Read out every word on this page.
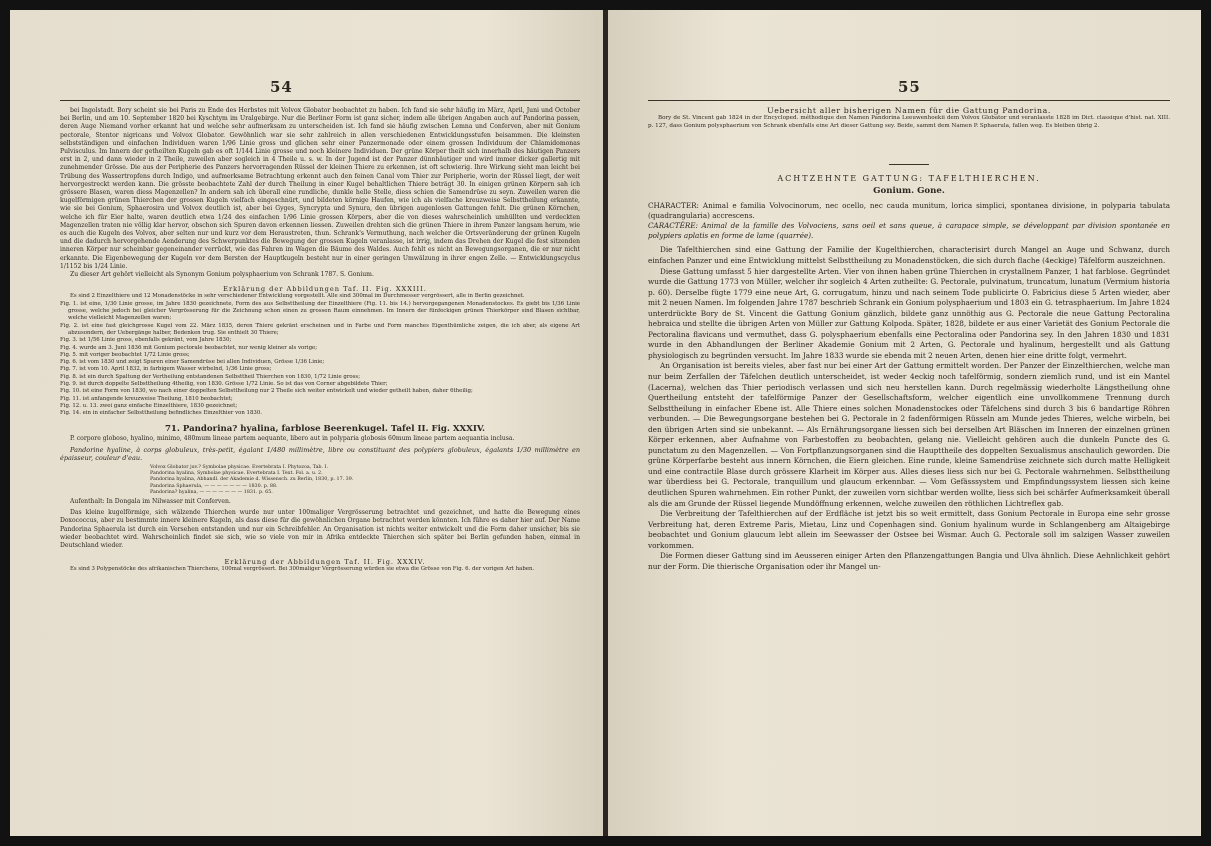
54

bei Ingolstadt. Bory scheint sie bei Paris zu Ende des Herbstes mit Volvox Globator beobachtet zu haben. Ich fand sie sehr häufig im März, April, Juni und October bei Berlin, und am 10. September 1820 bei Kyschtym im Uralgebirge. Nur die Berliner Form ist ganz sicher, indem alle übrigen Angaben auch auf Pandorina passen, deren Auge Niemand vorher erkannt hat und welche sehr aufmerksam zu unterscheiden ist. Ich fand sie häufig zwischen Lemna und Conferven, aber mit Gonium pectorale, Stentor nigricans und Volvox Globator. Gewöhnlich war sie sehr zahlreich in allen verschiedenen Entwicklungsstufen beisammen. Die kleinsten selbstständigen und einfachen Individuen waren 1/96 Linie gross und glichen sehr einer Panzermonade oder einem grossen Individuum der Chlamidomonas Pulvisculus. Im Innern der getheilten Kugeln gab es oft 1/144 Linie grosse und noch kleinere Individuen. Der grüne Körper theilt sich innerhalb des häutigen Panzers erst in 2, und dann wieder in 2 Theile, zuweilen aber sogleich in 4 Theile u. s. w. In der Jugend ist der Panzer dünnhäutiger und wird immer dicker gallertig mit zunehmender Grösse. Die aus der Peripherie des Panzers hervorragenden Rüssel der kleinen Thiere zu erkennen, ist oft schwierig. Ihre Wirkung sieht man leicht bei Trübung des Wassertropfens durch Indigo, und aufmerksame Betrachtung erkennt auch den feinen Canal vom Thier zur Peripherie, worin der Rüssel liegt, der weit hervorgestreckt werden kann. Die grösste beobachtete Zahl der durch Theilung in einer Kugel behaltlichen Thiere beträgt 30. In einigen grünen Körpern sah ich grössere Blasen, waren diess Magenzellen? In andern sah ich überall eine rundliche, dunkle helle Stelle, diess schien die Samendrüse zu seyn. Zuweilen waren die kugelförmigen grünen Thierchen der grossen Kugeln vielfach eingeschnürt, und bildeten körnige Haufen, wie ich als vielfache kreuzweise Selbsttheilung erkannte, wie sie bei Gonium, Sphaerosira und Volvox deutlich ist, aber bei Gyges, Syncrypta und Synura, den übrigen augenlosen Gattungen fehlt. Die grünen Körnchen, welche ich für Eier halte, waren deutlich etwa 1/24 des einfachen 1/96 Linie grossen Körpers, aber die von dieses wahrscheinlich umhüllten und verdeckten Magenzellen traten nie völlig klar hervor, obschon sich Spuren davon erkennen liessen. Zuweilen drehten sich die grünen Thiere in ihrem Panzer langsam herum, wie es auch die Kugeln des Volvox, aber selten nur und kurz vor dem Heraustreten, thun. Schrank's Vermuthung, nach welcher die Ortsveränderung der grünen Kugeln und die dadurch hervorgehende Aenderung des Schwerpunktes die Bewegung der grossen Kugeln veranlasse, ist irrig, indem das Drehen der Kugel die fest sitzenden inneren Körper nur scheinbar gegeneinander verrückt, wie das Fahren im Wagen die Bäume des Waldes. Auch fehlt es nicht an Bewegungsorganen, die er nur nicht erkannte. Die Eigenbewegung der Kugeln vor dem Bersten der Hauptkugeln besteht nur in einer geringen Umwälzung in ihrer engen Zelle. — Entwicklungscyclus 1/1152 bis 1/24 Linie.

Zu dieser Art gehört vielleicht als Synonym Gonium polysphaerium von Schrank 1787. S. Gonium.

Erklärung der Abbildungen Taf. II. Fig. XXXIII.

Es sind 2 Einzelthiere und 12 Monadenstöcke in sehr verschiedener Entwicklung vorgestellt. Alle sind 300mal im Durchmesser vergrössert, alle in Berlin gezeichnet.

Fig. 1. ist eine, 1/30 Linie grosse, im Jahre 1830 gezeichnete, Form des aus Selbsttheilung der Einzelthiere (Fig. 11. bis 14.) hervorgegangenen Monadenstockes. Es giebt bis 1/36 Linie grosse, welche jedoch bei gleicher Vergrösserung für die Zeichnung schon einen zu grossen Raum einnehmen. Im Innern der fünfeckigen grünen Thierkörper sind Blasen sichtbar, welche vielleicht Magenzellen waren;

Fig. 2. ist eine fast gleichgrosse Kugel vom 22. März 1835, deren Thiere gekränt erscheinen und in Farbe und Form manches Eigenthümliche zeigen, die ich aber, als eigene Art abzusondern, der Uebergänge halber, Bedenken trug. Sie enthielt 30 Thiere;

Fig. 3. ist 1/56 Linie gross, ebenfalls gekränt, vom Jahre 1830;

Fig. 4. wurde am 3. Juni 1836 mit Gonium pectorale beobachtet, nur wenig kleiner als vorige;

Fig. 5. mit voriger beobachtet 1/72 Linie gross;

Fig. 6. ist vom 1830 und zeigt Spuren einer Samendrüse bei allen Individuen, Grösse 1/36 Linie;

Fig. 7. ist vom 10. April 1832, in farbigem Wasser wirbelnd, 1/36 Linie gross;

Fig. 8. ist ein durch Spaltung der Vertheilung entstandenen Selbsttheil Thierchen von 1830, 1/72 Linie gross;

Fig. 9. ist durch doppelte Selbsttheilung 4theilig, von 1830. Grösse 1/72 Linie. So ist das von Corner abgebildete Thier;

Fig. 10. ist eine Form von 1830, wo nach einer doppelten Selbsttheilung nur 2 Theile sich weiter entwickelt und wieder getheilt haben, daher 6theilig;

Fig. 11. ist anfangende kreuzweise Theilung, 1810 beobachtet;

Fig. 12. u. 13. zwei ganz einfache Einzelthiere, 1830 gezeichnet;

Fig. 14. ein in einfacher Selbsttheilung befindliches Einzelthier von 1830.

71. Pandorina? hyalina, farblose Beerenkugel. Tafel II. Fig. XXXIV.

P. corpore globoso, hyalino, minimo, 480mum lineae partem aequante, libero aut in polyparia globosis 60mum lineae partem aequantia inclusa.

Pandorine hyaline, à corps globuleux, très-petit, égalant 1/480 millimètre, libre ou constituant des polypiers globuleux, égalants 1/30 millimètre en épaisseur, couleur d'eau.

Volvox Globator juv.? Symbolae physicae. Evertebrata I. Phytozoa, Tab. I.

Pandorina hyalina, Symbolae physicae. Evertebrata I. Text. Fol. a. u. 2.

Pandorina hyalina, Abhandl. der Akademie d. Wissensch. zu Berlin, 1830, p. 17. 39.

Pandorina Sphaerula, — — — — — — — 1830. p. 88.

Pandorina? hyalina, — — — — — — — 1831. p. 65.

Aufenthalt: In Dongala im Nilwasser mit Conferven.

Das kleine kugelförmige, sich wälzende Thierchen wurde nur unter 100maliger Vergrösserung betrachtet und gezeichnet, und hatte die Bewegung eines Doxococcus, aber zu bestimmte innere kleinere Kugeln, als dass diese für die gewöhnlichen Organe betrachtet werden könnten. Ich führe es daher hier auf. Der Name Pandorina Sphaerula ist durch ein Versehen entstanden und nur ein Schreibfehler. An Organisation ist nichts weiter entwickelt und die Form daher unsicher, bis sie wieder beobachtet wird. Wahrscheinlich findet sie sich, wie so viele von mir in Afrika entdeckte Thierchen sich später bei Berlin gefunden haben, einmal in Deutschland wieder.

Erklärung der Abbildungen Taf. II. Fig. XXXIV.

Es sind 3 Polypenstöcke des afrikanischen Thierchens, 100mal vergrössert. Bei 300maliger Vergrösserung würden sie etwa die Grösse von Fig. 6. der vorigen Art haben.

55

Uebersicht aller bisherigen Namen für die Gattung Pandorina.

Bory de St. Vincent gab 1824 in der Encycloped. méthodique den Namen Pandorina Leeuwenhoekii dem Volvox Globator und veranlasste 1828 im Dict. classique d'hist. nat. XIII. p. 127, dass Gonium polysphaerium von Schrank ebenfalls eine Art dieser Gattung sey. Beide, sammt dem Namen P. Sphaerula, fallen weg. Es bleiben übrig 2.

ACHTZEHNTE GATTUNG: TAFELTHIERCHEN.

Gonium. Gone.

CHARACTER: Animal e familia Volvocinorum, nec ocello, nec cauda munitum, lorica simplici, spontanea divisione, in polyparia tabulata (quadrangularia) accrescens.

CARACTÈRE: Animal de la famille des Volvociens, sans oeil et sans queue, à carapace simple, se développant par division spontanée en polypiers aplatis en forme de lame (quarrée).

Die Tafelthierchen sind eine Gattung der Familie der Kugelthierchen, characterisirt durch Mangel an Auge und Schwanz, durch einfachen Panzer und eine Entwicklung mittelst Selbsttheilung zu Monadenstöcken, die sich durch flache (4eckige) Täfelform auszeichnen.

Diese Gattung umfasst 5 hier dargestellte Arten. Vier von ihnen haben grüne Thierchen in crystallnem Panzer, 1 hat farblose. Gegründet wurde die Gattung 1773 von Müller, welcher ihr sogleich 4 Arten zutheilte: G. Pectorale, pulvinatum, truncatum, lunatum (Vermium historia p. 60). Derselbe fügte 1779 eine neue Art, G. corrugatum, hinzu und nach seinem Tode publicirte O. Fabricius diese 5 Arten wieder, aber mit 2 neuen Namen. Im folgenden Jahre 1787 beschrieb Schrank ein Gonium polysphaerium und 1803 ein G. tetrasphaerium. Im Jahre 1824 unterdrückte Bory de St. Vincent die Gattung Gonium gänzlich, bildete ganz unnöthig aus G. Pectorale die neue Gattung Pectoralina hebraica und stellte die übrigen Arten von Müller zur Gattung Kolpoda. Später, 1828, bildete er aus einer Varietät des Gonium Pectorale die Pectoralina flavicans und vermuthet, dass G. polysphaerium ebenfalls eine Pectoralina oder Pandorina sey. In den Jahren 1830 und 1831 wurde in den Abhandlungen der Berliner Akademie Gonium mit 2 Arten, G. Pectorale und hyalinum, hergestellt und als Gattung physiologisch zu begründen versucht. Im Jahre 1833 wurde sie ebenda mit 2 neuen Arten, denen hier eine dritte folgt, vermehrt.

An Organisation ist bereits vieles, aber fast nur bei einer Art der Gattung ermittelt worden. Der Panzer der Einzelthierchen, welche man nur beim Zerfallen der Täfelchen deutlich unterscheidet, ist weder 4eckig noch tafelförmig, sondern ziemlich rund, und ist ein Mantel (Lacerna), welchen das Thier periodisch verlassen und sich neu herstellen kann. Durch regelmässig wiederholte Längstheilung ohne Quertheilung entsteht der tafelförmige Panzer der Gesellschaftsform, welcher eigentlich eine unvollkommene Trennung durch Selbsttheilung in einfacher Ebene ist. Alle Thiere eines solchen Monadenstockes oder Täfelchens sind durch 3 bis 6 bandartige Röhren verbunden. — Die Bewegungsorgane bestehen bei G. Pectorale in 2 fadenförmigen Rüsseln am Munde jedes Thieres, welche wirbeln, bei den übrigen Arten sind sie unbekannt. — Als Ernährungsorgane liessen sich bei derselben Art Bläschen im Inneren der einzelnen grünen Körper erkennen, aber Aufnahme von Farbestoffen zu beobachten, gelang nie. Vielleicht gehören auch die dunkeln Puncte des G. punctatum zu den Magenzellen. — Von Fortpflanzungsorganen sind die Haupttheile des doppelten Sexualismus anschaulich geworden. Die grüne Körperfarbe besteht aus innern Körnchen, die Eiern gleichen. Eine runde, kleine Samendrüse zeichnete sich durch matte Helligkeit und eine contractile Blase durch grössere Klarheit im Körper aus. Alles dieses liess sich nur bei G. Pectorale wahrnehmen. Selbsttheilung war überdiess bei G. Pectorale, tranquillum und glaucum erkennbar. — Vom Gefässsystem und Empfindungssystem liessen sich keine deutlichen Spuren wahrnehmen. Ein rother Punkt, der zuweilen vorn sichtbar werden wollte, liess sich bei schärfer Aufmerksamkeit überall als die am Grunde der Rüssel liegende Mundöffnung erkennen, welche zuweilen den röthlichen Lichtreflex gab.

Die Verbreitung der Tafelthierchen auf der Erdfläche ist jetzt bis so weit ermittelt, dass Gonium Pectorale in Europa eine sehr grosse Verbreitung hat, deren Extreme Paris, Mietau, Linz und Copenhagen sind. Gonium hyalinum wurde in Schlangenberg am Altaigebirge beobachtet und Gonium glaucum lebt allein im Seewasser der Ostsee bei Wismar. Auch G. Pectorale soll im salzigen Wasser zuweilen vorkommen.

Die Formen dieser Gattung sind im Aeusseren einiger Arten den Pflanzengattungen Bangia und Ulva ähnlich. Diese Aehnlichkeit gehört nur der Form. Die thierische Organisation oder ihr Mangel un-
